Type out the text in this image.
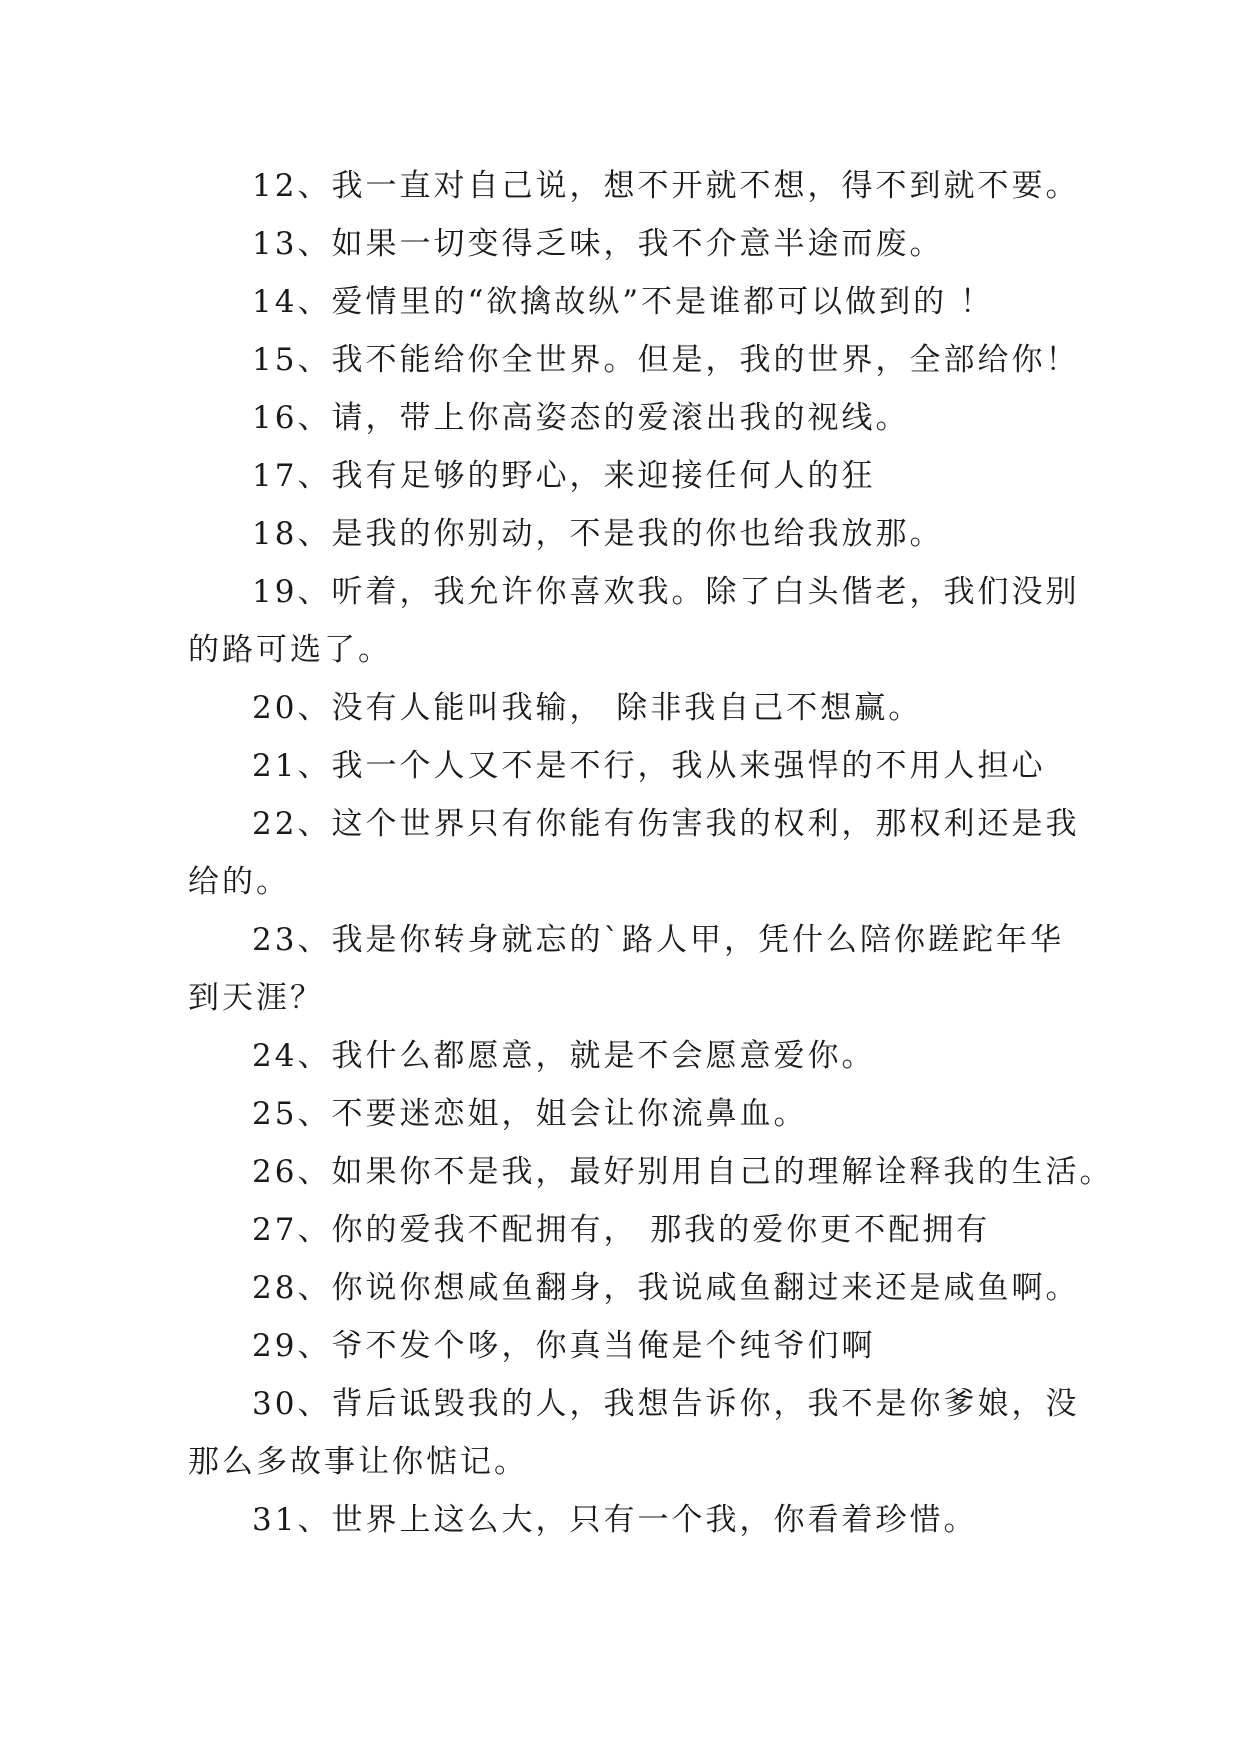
12、我一直对自己说，想不开就不想，得不到就不要。
13、如果一切变得乏味，我不介意半途而废。
14、爱情里的“欲擒故纵”不是谁都可以做到的 ！
15、我不能给你全世界。但是，我的世界，全部给你！
16、请，带上你高姿态的爱滚出我的视线。
17、我有足够的野心，来迎接任何人的狂
18、是我的你别动，不是我的你也给我放那。
19、听着，我允许你喜欢我。除了白头偕老，我们没别
的路可选了。
20、没有人能叫我输， 除非我自己不想赢。
21、我一个人又不是不行，我从来强悍的不用人担心
22、这个世界只有你能有伤害我的权利，那权利还是我
给的。
23、我是你转身就忘的`路人甲，凭什么陪你蹉跎年华
到天涯？
24、我什么都愿意，就是不会愿意爱你。
25、不要迷恋姐，姐会让你流鼻血。
26、如果你不是我，最好别用自己的理解诠释我的生活。
27、你的爱我不配拥有， 那我的爱你更不配拥有
28、你说你想咸鱼翻身，我说咸鱼翻过来还是咸鱼啊。
29、爷不发个哆，你真当俺是个纯爷们啊
30、背后诋毁我的人，我想告诉你，我不是你爹娘，没
那么多故事让你惦记。
31、世界上这么大，只有一个我，你看着珍惜。
